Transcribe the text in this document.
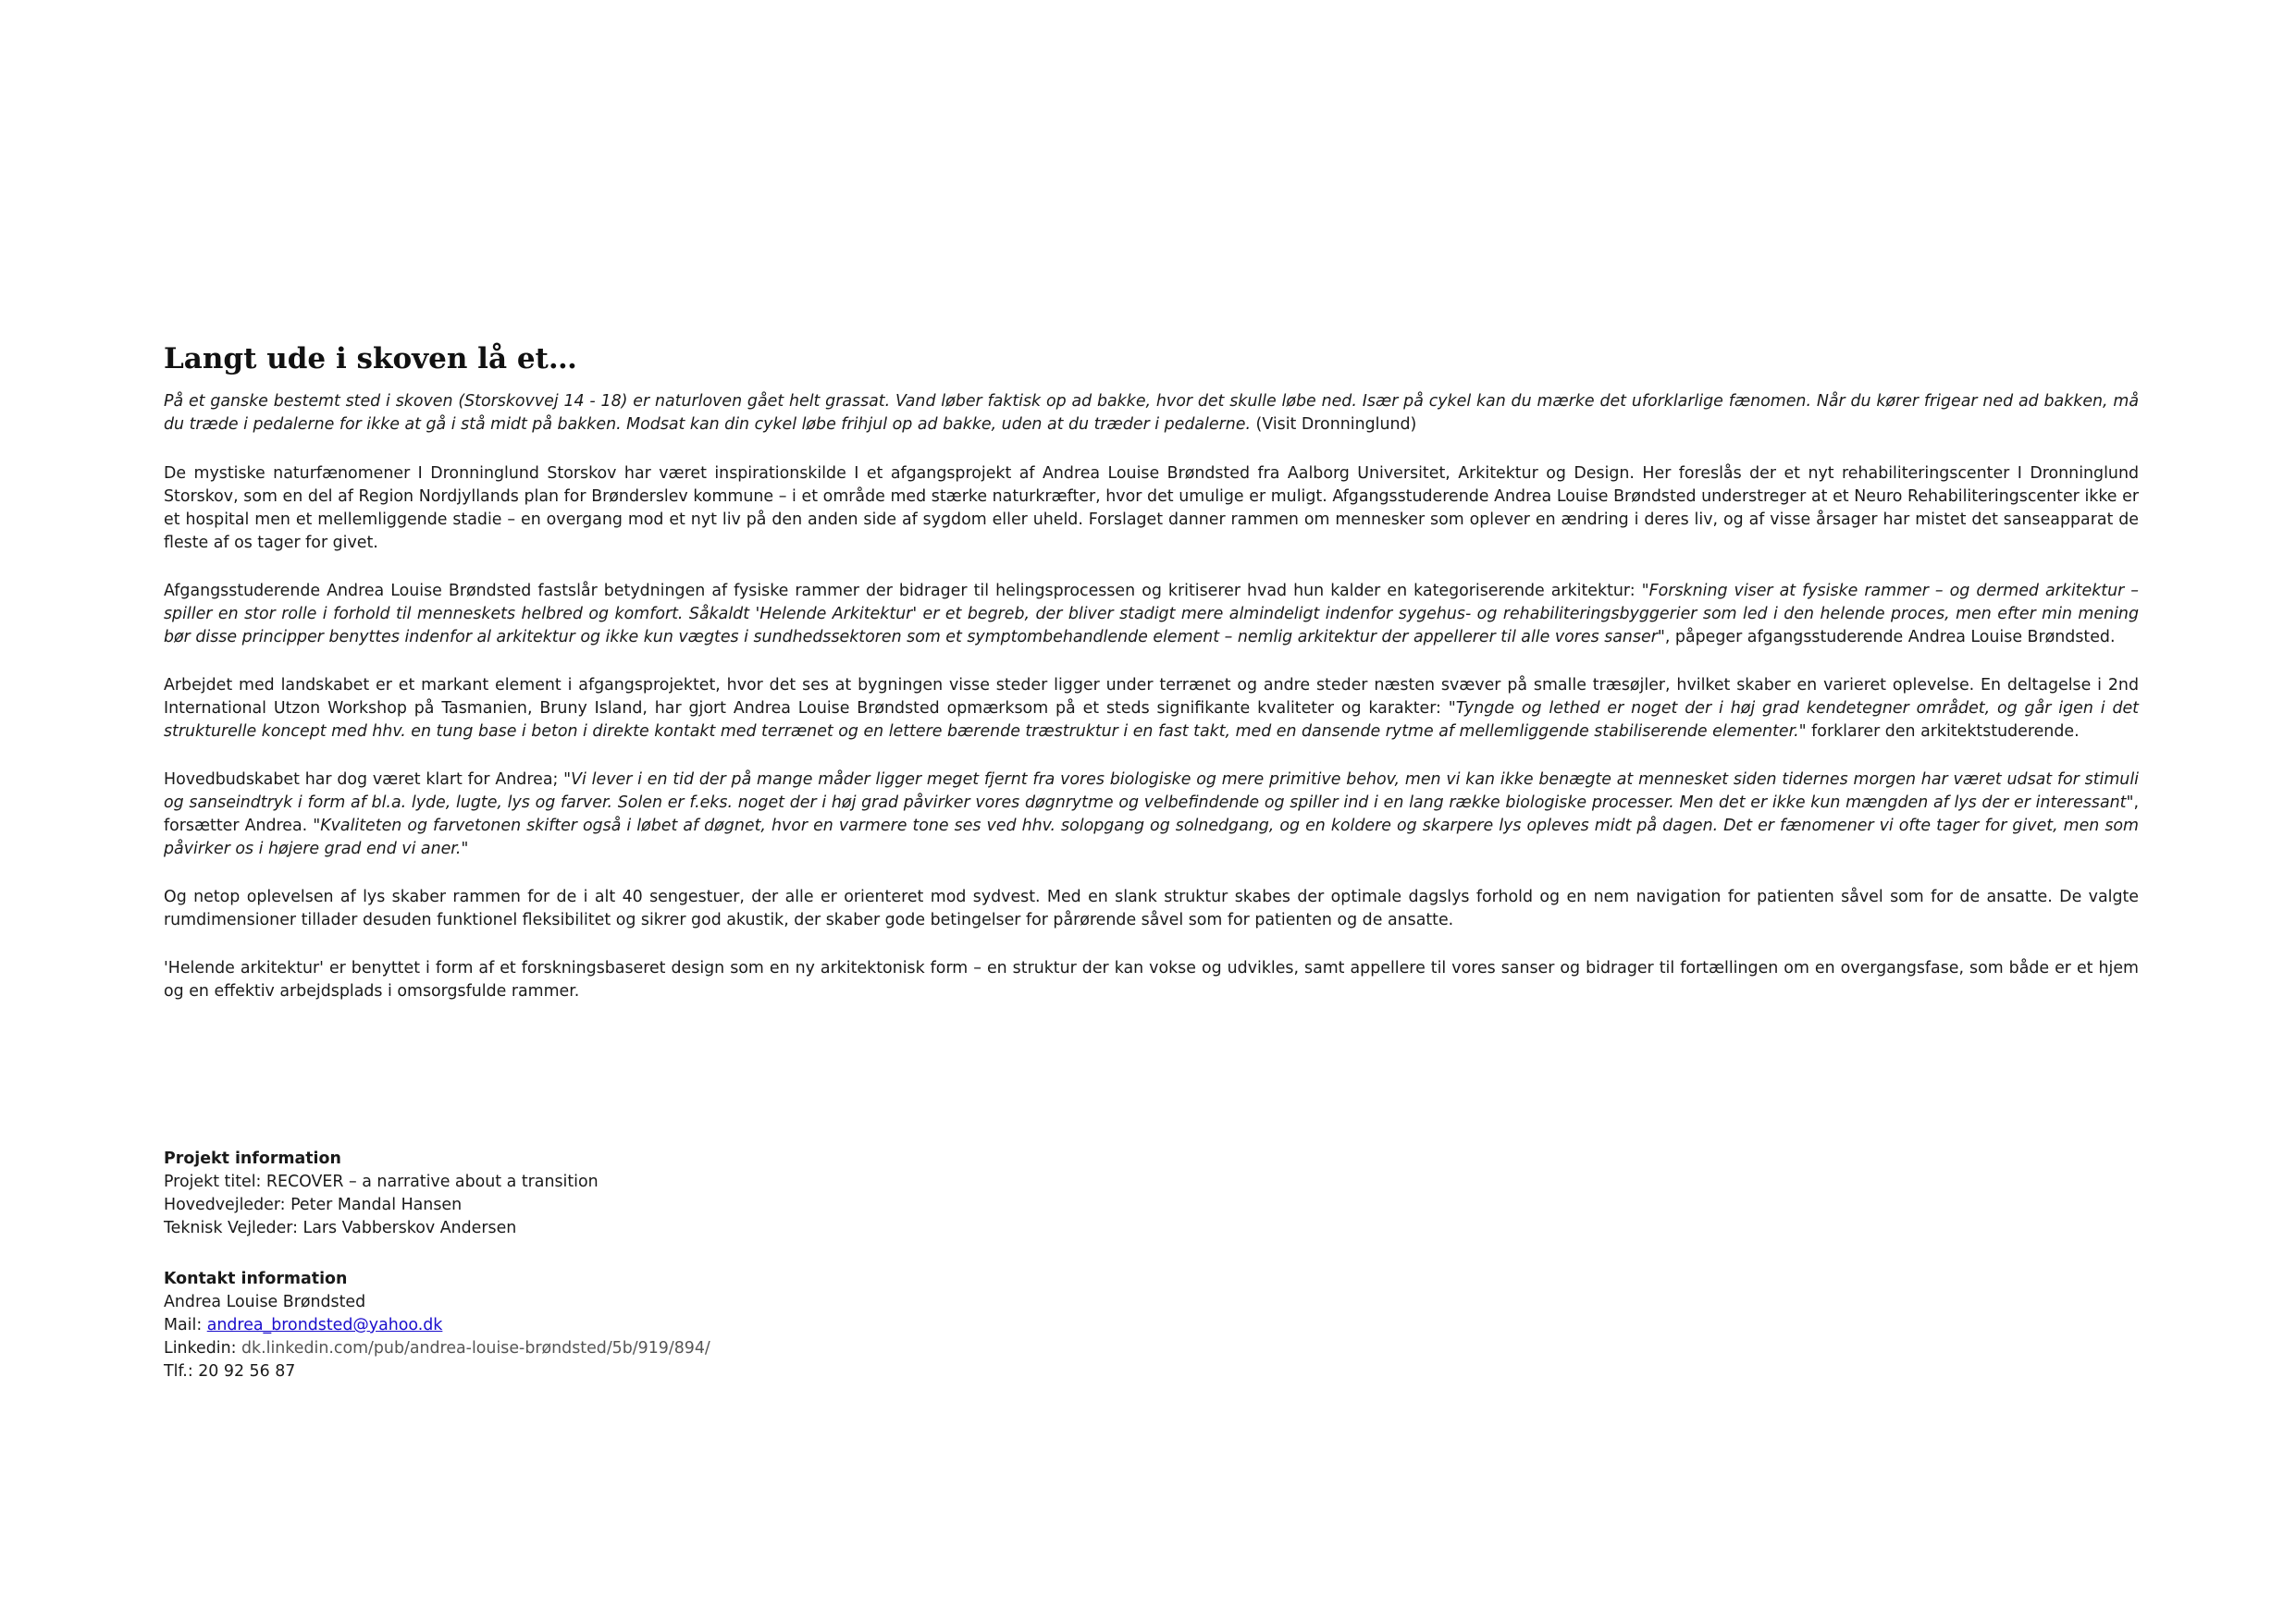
Langt ude i skoven lå et…

På et ganske bestemt sted i skoven (Storskovvej 14 - 18) er naturloven gået helt grassat. Vand løber faktisk op ad bakke, hvor det skulle løbe ned. Især på cykel kan du mærke det uforklarlige fænomen. Når du kører frigear ned ad bakken, må du træde i pedalerne for ikke at gå i stå midt på bakken. Modsat kan din cykel løbe frihjul op ad bakke, uden at du træder i pedalerne. (Visit Dronninglund)

De mystiske naturfænomener I Dronninglund Storskov har været inspirationskilde I et afgangsprojekt af Andrea Louise Brøndsted fra Aalborg Universitet, Arkitektur og Design. Her foreslås der et nyt rehabiliteringscenter I Dronninglund Storskov, som en del af Region Nordjyllands plan for Brønderslev kommune – i et område med stærke naturkræfter, hvor det umulige er muligt. Afgangsstuderende Andrea Louise Brøndsted understreger at et Neuro Rehabiliteringscenter ikke er et hospital men et mellemliggende stadie – en overgang mod et nyt liv på den anden side af sygdom eller uheld. Forslaget danner rammen om mennesker som oplever en ændring i deres liv, og af visse årsager har mistet det sanseapparat de fleste af os tager for givet.

Afgangsstuderende Andrea Louise Brøndsted fastslår betydningen af fysiske rammer der bidrager til helingsprocessen og kritiserer hvad hun kalder en kategoriserende arkitektur: "Forskning viser at fysiske rammer – og dermed arkitektur – spiller en stor rolle i forhold til menneskets helbred og komfort. Såkaldt 'Helende Arkitektur' er et begreb, der bliver stadigt mere almindeligt indenfor sygehus- og rehabiliteringsbyggerier som led i den helende proces, men efter min mening bør disse principper benyttes indenfor al arkitektur og ikke kun vægtes i sundhedssektoren som et symptombehandlende element – nemlig arkitektur der appellerer til alle vores sanser", påpeger afgangsstuderende Andrea Louise Brøndsted.

Arbejdet med landskabet er et markant element i afgangsprojektet, hvor det ses at bygningen visse steder ligger under terrænet og andre steder næsten svæver på smalle træsøjler, hvilket skaber en varieret oplevelse. En deltagelse i 2nd International Utzon Workshop på Tasmanien, Bruny Island, har gjort Andrea Louise Brøndsted opmærksom på et steds signifikante kvaliteter og karakter: "Tyngde og lethed er noget der i høj grad kendetegner området, og går igen i det strukturelle koncept med hhv. en tung base i beton i direkte kontakt med terrænet og en lettere bærende træstruktur i en fast takt, med en dansende rytme af mellemliggende stabiliserende elementer." forklarer den arkitektstuderende.

Hovedbudskabet har dog været klart for Andrea; "Vi lever i en tid der på mange måder ligger meget fjernt fra vores biologiske og mere primitive behov, men vi kan ikke benægte at mennesket siden tidernes morgen har været udsat for stimuli og sanseindtryk i form af bl.a. lyde, lugte, lys og farver. Solen er f.eks. noget der i høj grad påvirker vores døgnrytme og velbefindende og spiller ind i en lang række biologiske processer. Men det er ikke kun mængden af lys der er interessant", forsætter Andrea. "Kvaliteten og farvetonen skifter også i løbet af døgnet, hvor en varmere tone ses ved hhv. solopgang og solnedgang, og en koldere og skarpere lys opleves midt på dagen. Det er fænomener vi ofte tager for givet, men som påvirker os i højere grad end vi aner."

Og netop oplevelsen af lys skaber rammen for de i alt 40 sengestuer, der alle er orienteret mod sydvest. Med en slank struktur skabes der optimale dagslys forhold og en nem navigation for patienten såvel som for de ansatte. De valgte rumdimensioner tillader desuden funktionel fleksibilitet og sikrer god akustik, der skaber gode betingelser for pårørende såvel som for patienten og de ansatte.

'Helende arkitektur' er benyttet i form af et forskningsbaseret design som en ny arkitektonisk form – en struktur der kan vokse og udvikles, samt appellere til vores sanser og bidrager til fortællingen om en overgangsfase, som både er et hjem og en effektiv arbejdsplads i omsorgsfulde rammer.

Projekt information
Projekt titel: RECOVER – a narrative about a transition
Hovedvejleder: Peter Mandal Hansen
Teknisk Vejleder: Lars Vabberskov Andersen
Kontakt information
Andrea Louise Brøndsted
Mail: andrea_brondsted@yahoo.dk
Linkedin: dk.linkedin.com/pub/andrea-louise-brøndsted/5b/919/894/
Tlf.: 20 92 56 87
